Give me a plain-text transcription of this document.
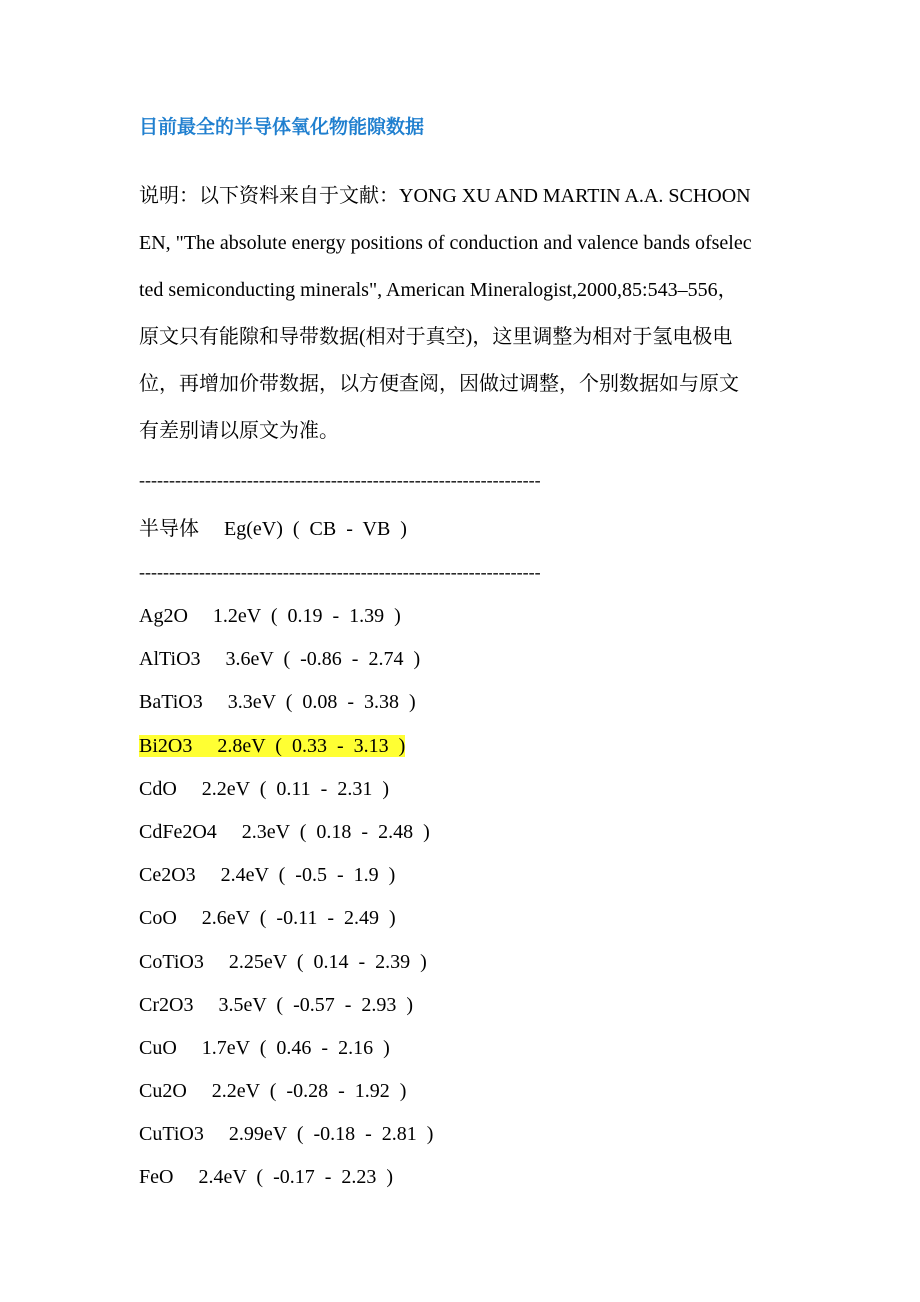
目前最全的半导体氧化物能隙数据
说明：以下资料来自于文献：YONG XU AND MARTIN A.A. SCHOON
EN, "The absolute energy positions of conduction and valence bands ofselec
ted semiconducting minerals", American Mineralogist,2000,85:543–556，
原文只有能隙和导带数据(相对于真空)，这里调整为相对于氢电极电
位，再增加价带数据，以方便查阅，因做过调整，个别数据如与原文
有差别请以原文为准。
-------------------------------------------------------------------
半导体     Eg(eV)  (  CB  -  VB  )
-------------------------------------------------------------------
Ag2O     1.2eV  (  0.19  -  1.39  )
AlTiO3     3.6eV  (  -0.86  -  2.74  )
BaTiO3     3.3eV  (  0.08  -  3.38  )
Bi2O3     2.8eV  (  0.33  -  3.13  )
CdO     2.2eV  (  0.11  -  2.31  )
CdFe2O4     2.3eV  (  0.18  -  2.48  )
Ce2O3     2.4eV  (  -0.5  -  1.9  )
CoO     2.6eV  (  -0.11  -  2.49  )
CoTiO3     2.25eV  (  0.14  -  2.39  )
Cr2O3     3.5eV  (  -0.57  -  2.93  )
CuO     1.7eV  (  0.46  -  2.16  )
Cu2O     2.2eV  (  -0.28  -  1.92  )
CuTiO3     2.99eV  (  -0.18  -  2.81  )
FeO     2.4eV  (  -0.17  -  2.23  )
